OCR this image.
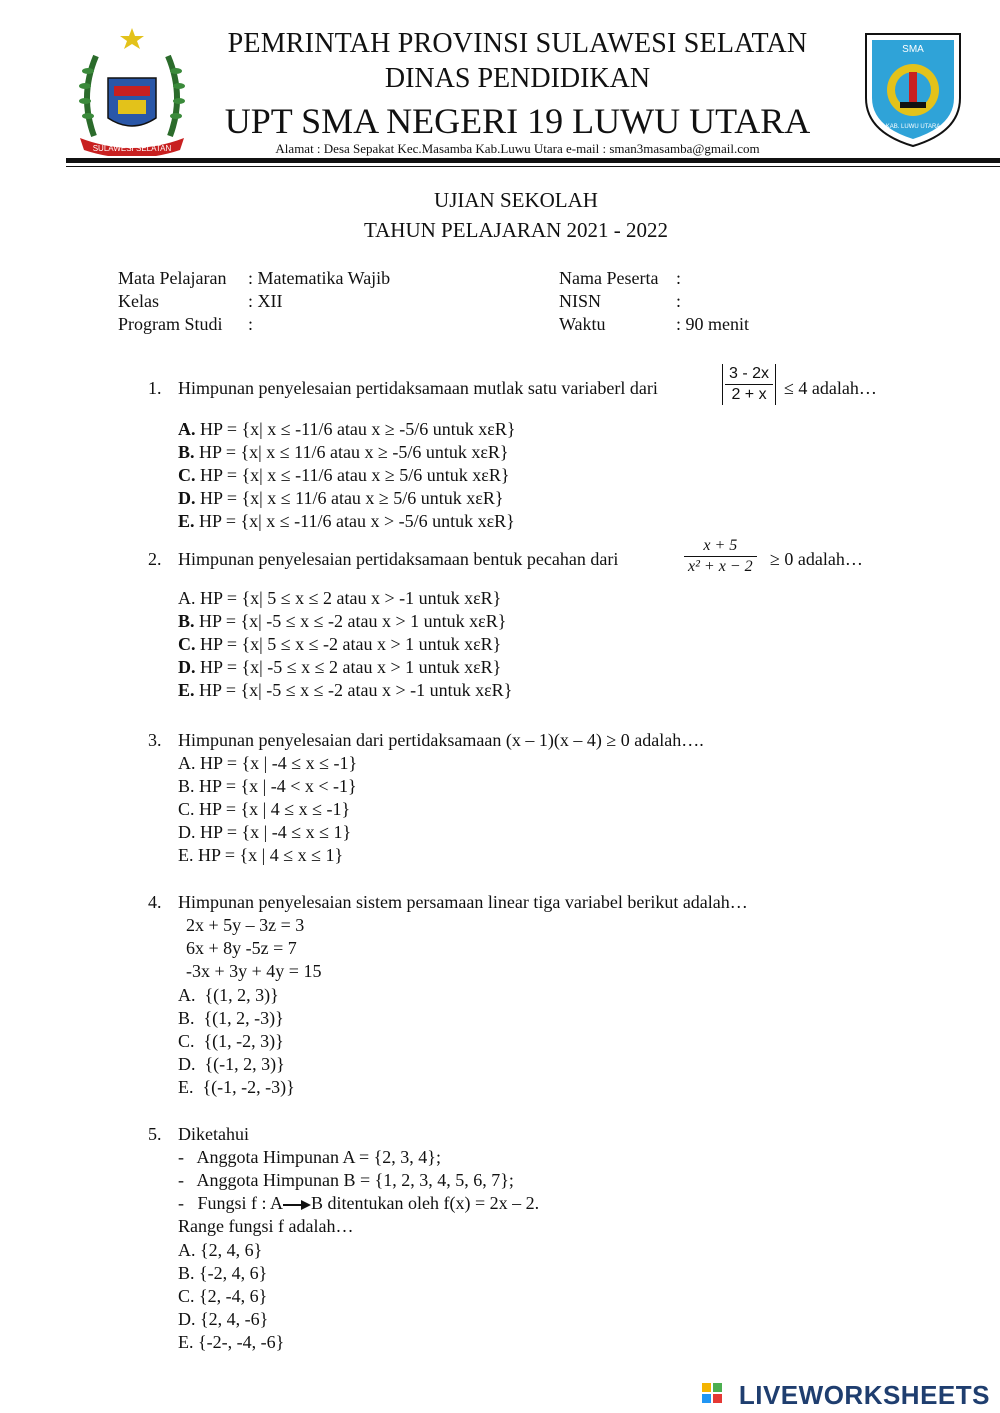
SULAWESI SELATAN
SMA
KAB. LUWU UTARA
PEMRINTAH PROVINSI SULAWESI SELATAN
DINAS PENDIDIKAN
UPT SMA NEGERI 19 LUWU UTARA
Alamat : Desa Sepakat Kec.Masamba Kab.Luwu Utara e-mail : sman3masamba@gmail.com
UJIAN SEKOLAH
TAHUN PELAJARAN 2021 - 2022
Mata Pelajaran : Matematika Wajib
Kelas	: XII
Program Studi :
Nama Peserta :
NISN	:
Waktu	: 90 menit
1. Himpunan penyelesaian pertidaksamaan mutlak satu variaberl dari	$\frac{3 - 2x}{2 + x} \le 4$ adalah…
A. HP = {x| x ≤ -11/6 atau x ≥ -5/6 untuk xεR}
B. HP = {x| x ≤ 11/6 atau x ≥ -5/6 untuk xεR}
C. HP = {x| x ≤ -11/6 atau x ≥ 5/6 untuk xεR}
D. HP = {x| x ≤ 11/6 atau x ≥ 5/6 untuk xεR}
E. HP = {x| x ≤ -11/6 atau x > -5/6 untuk xεR}
2. Himpunan penyelesaian pertidaksamaan bentuk pecahan dari	$\frac{x + 5}{\text{x² + x − 2}} \ge 0$ adalah…
A. HP = {x| 5 ≤ x ≤ 2 atau x > -1 untuk xεR}
B. HP = {x| -5 ≤ x ≤ -2 atau x > 1 untuk xεR}
C. HP = {x| 5 ≤ x ≤ -2 atau x > 1 untuk xεR}
D. HP = {x| -5 ≤ x ≤ 2 atau x > 1 untuk xεR}
E. HP = {x| -5 ≤ x ≤ -2 atau x > -1 untuk xεR}
3. Himpunan penyelesaian dari pertidaksamaan (x – 1)(x – 4) ≥ 0 adalah….
A. HP = {x | -4 ≤ x ≤ -1}
B. HP = {x | -4 < x < -1}
C. HP = {x | 4 ≤ x ≤ -1}
D. HP = {x | -4 ≤ x ≤ 1}
E. HP = {x | 4 ≤ x ≤ 1}
4. Himpunan penyelesaian sistem persamaan linear tiga variabel berikut adalah…
2x + 5y – 3z = 3
6x + 8y -5z = 7
-3x + 3y + 4y = 15
A. {(1, 2, 3)}
B. {(1, 2, -3)}
C. {(1, -2, 3)}
D. {(-1, 2, 3)}
E. {(-1, -2, -3)}
5. Diketahui
-   Anggota Himpunan A = {2, 3, 4};
-   Anggota Himpunan B = {1, 2, 3, 4, 5, 6, 7};
-   Fungsi f : A B ditentukan oleh f(x) = 2x – 2.
Range fungsi f adalah…
A. {2, 4, 6}
B. {-2, 4, 6}
C. {2, -4, 6}
D. {2, 4, -6}
E. {-2-, -4, -6}
LIVEWORKSHEETS
